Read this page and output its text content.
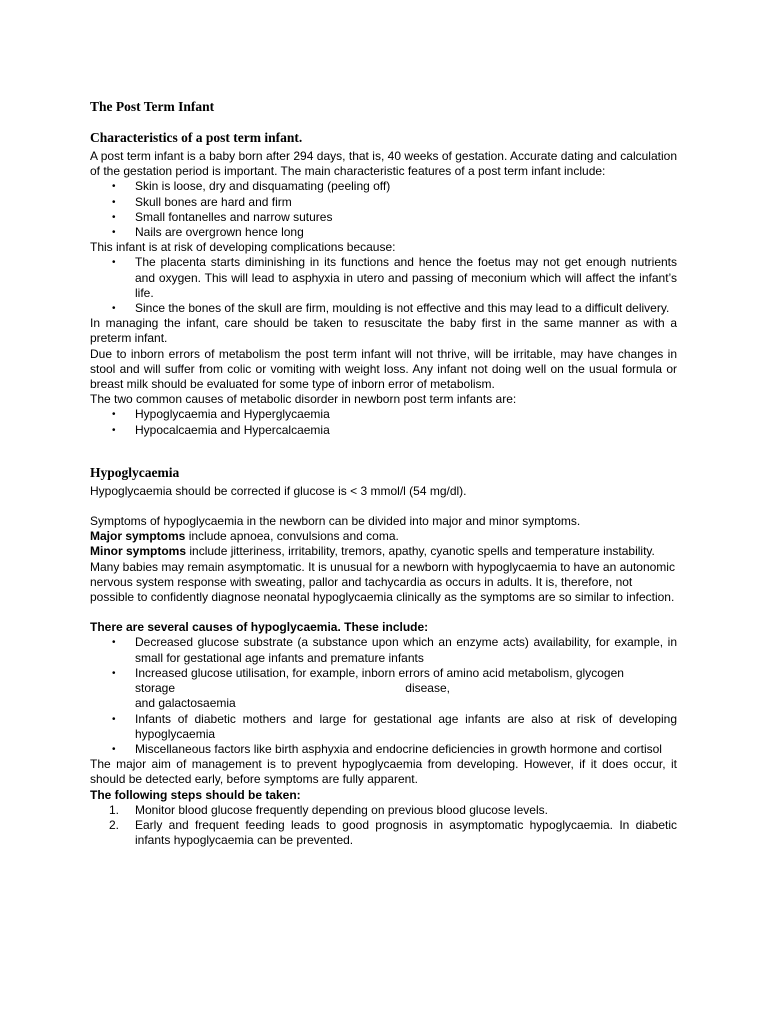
The Post Term Infant
Characteristics of a post term infant.

A post term infant is a baby born after 294 days, that is, 40 weeks of gestation. Accurate dating and calculation of the gestation period is important. The main characteristic features of a post term infant include:

• Skin is loose, dry and disquamating (peeling off)
• Skull bones are hard and firm
• Small fontanelles and narrow sutures
• Nails are overgrown hence long

This infant is at risk of developing complications because:

• The placenta starts diminishing in its functions and hence the foetus may not get enough nutrients and oxygen. This will lead to asphyxia in utero and passing of meconium which will affect the infant’s life.
• Since the bones of the skull are firm, moulding is not effective and this may lead to a difficult delivery.

In managing the infant, care should be taken to resuscitate the baby first in the same manner as with a preterm infant.

Due to inborn errors of metabolism the post term infant will not thrive, will be irritable, may have changes in stool and will suffer from colic or vomiting with weight loss. Any infant not doing well on the usual formula or breast milk should be evaluated for some type of inborn error of metabolism.

The two common causes of metabolic disorder in newborn post term infants are:

• Hypoglycaemia and Hyperglycaemia
• Hypocalcaemia and Hypercalcaemia
Hypoglycaemia

Hypoglycaemia should be corrected if glucose is < 3 mmol/l (54 mg/dl).

Symptoms of hypoglycaemia in the newborn can be divided into major and minor symptoms.

Major symptoms include apnoea, convulsions and coma.

Minor symptoms include jitteriness, irritability, tremors, apathy, cyanotic spells and temperature instability.

Many babies may remain asymptomatic. It is unusual for a newborn with hypoglycaemia to have an autonomic nervous system response with sweating, pallor and tachycardia as occurs in adults. It is, therefore, not possible to confidently diagnose neonatal hypoglycaemia clinically as the symptoms are so similar to infection.

There are several causes of hypoglycaemia. These include:

• Decreased glucose substrate (a substance upon which an enzyme acts) availability, for example, in small for gestational age infants and premature infants
• Increased glucose utilisation, for example, inborn errors of amino acid metabolism, glycogen
storage	disease,
and galactosaemia
• Infants of diabetic mothers and large for gestational age infants are also at risk of developing hypoglycaemia
• Miscellaneous factors like birth asphyxia and endocrine deficiencies in growth hormone and cortisol

The major aim of management is to prevent hypoglycaemia from developing. However, if it does occur, it should be detected early, before symptoms are fully apparent.

The following steps should be taken:

1. Monitor blood glucose frequently depending on previous blood glucose levels.
2. Early and frequent feeding leads to good prognosis in asymptomatic hypoglycaemia. In diabetic infants hypoglycaemia can be prevented.
